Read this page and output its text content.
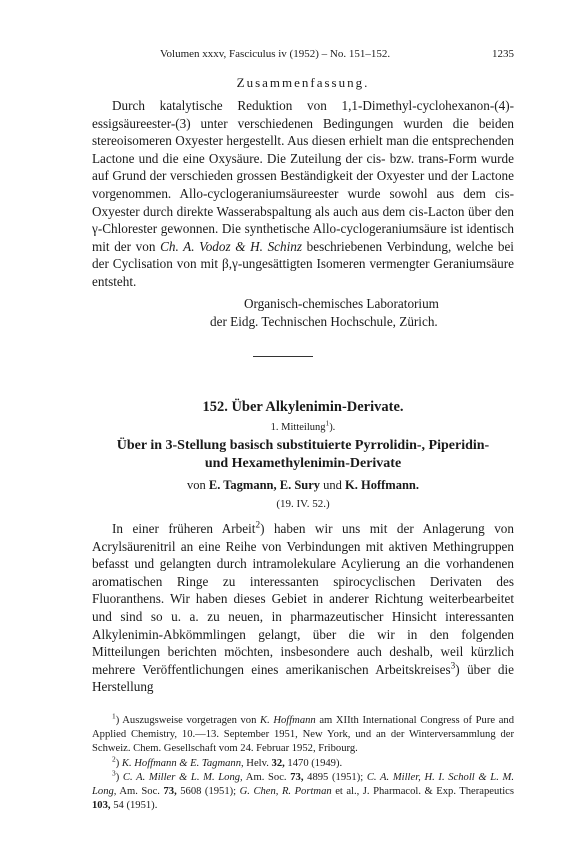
Volumen xxxv, Fasciculus iv (1952) – No. 151–152.	1235
Zusammenfassung.
Durch katalytische Reduktion von 1,1-Dimethyl-cyclohexanon-(4)-essigsäureester-(3) unter verschiedenen Bedingungen wurden die beiden stereoisomeren Oxyester hergestellt. Aus diesen erhielt man die entsprechenden Lactone und die eine Oxysäure. Die Zuteilung der cis- bzw. trans-Form wurde auf Grund der verschieden grossen Beständigkeit der Oxyester und der Lactone vorgenommen. Allo-cyclogeraniumsäureester wurde sowohl aus dem cis-Oxyester durch direkte Wasserabspaltung als auch aus dem cis-Lacton über den γ-Chlorester gewonnen. Die synthetische Allo-cyclogeraniumsäure ist identisch mit der von Ch. A. Vodoz & H. Schinz beschriebenen Verbindung, welche bei der Cyclisation von mit β,γ-ungesättigten Isomeren vermengter Geraniumsäure entsteht.
Organisch-chemisches Laboratorium
der Eidg. Technischen Hochschule, Zürich.
152. Über Alkylenimin-Derivate.
1. Mitteilung$^1$).
Über in 3-Stellung basisch substituierte Pyrrolidin-, Piperidin-
und Hexamethylenimin-Derivate
von E. Tagmann, E. Sury und K. Hoffmann.
(19. IV. 52.)
In einer früheren Arbeit$^2$) haben wir uns mit der Anlagerung von Acrylsäurenitril an eine Reihe von Verbindungen mit aktiven Methingruppen befasst und gelangten durch intramolekulare Acylierung an die vorhandenen aromatischen Ringe zu interessanten spirocyclischen Derivaten des Fluoranthens. Wir haben dieses Gebiet in anderer Richtung weiterbearbeitet und sind so u. a. zu neuen, in pharmazeutischer Hinsicht interessanten Alkylenimin-Abkömmlingen gelangt, über die wir in den folgenden Mitteilungen berichten möchten, insbesondere auch deshalb, weil kürzlich mehrere Veröffentlichungen eines amerikanischen Arbeitskreises$^3$) über die Herstellung

$^1$) Auszugsweise vorgetragen von K. Hoffmann am XIIth International Congress of Pure and Applied Chemistry, 10.—13. September 1951, New York, und an der Winterversammlung der Schweiz. Chem. Gesellschaft vom 24. Februar 1952, Fribourg.

$^2$) K. Hoffmann & E. Tagmann, Helv. 32, 1470 (1949).

$^3$) C. A. Miller & L. M. Long, Am. Soc. 73, 4895 (1951); C. A. Miller, H. I. Scholl & L. M. Long, Am. Soc. 73, 5608 (1951); G. Chen, R. Portman et al., J. Pharmacol. & Exp. Therapeutics 103, 54 (1951).
